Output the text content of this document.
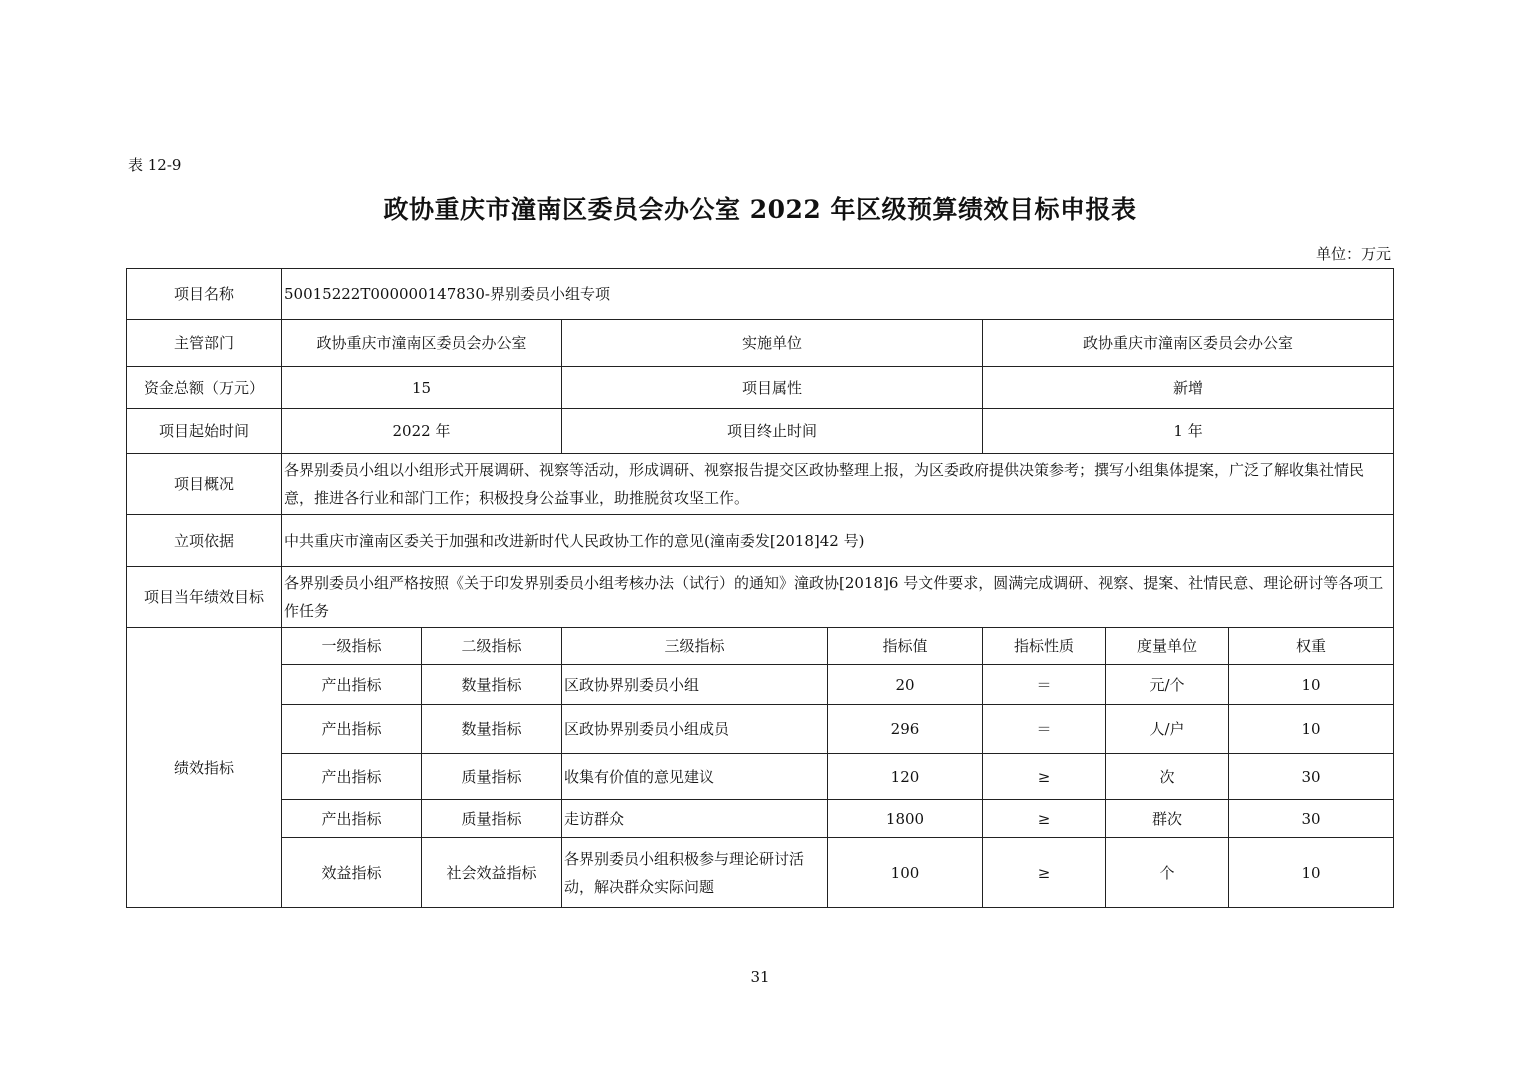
表 12-9
政协重庆市潼南区委员会办公室 2022 年区级预算绩效目标申报表
单位：万元
项目名称	50015222T000000147830-界别委员小组专项						
主管部门	政协重庆市潼南区委员会办公室		实施单位		政协重庆市潼南区委员会办公室		
资金总额（万元）	15		项目属性		新增		
项目起始时间	2022 年		项目终止时间		1 年		
项目概况	各界别委员小组以小组形式开展调研、视察等活动，形成调研、视察报告提交区政协整理上报，为区委政府提供决策参考；撰写小组集体提案，广泛了解收集社情民意，推进各行业和部门工作；积极投身公益事业，助推脱贫攻坚工作。						
立项依据	中共重庆市潼南区委关于加强和改进新时代人民政协工作的意见(潼南委发[2018]42 号)						
项目当年绩效目标	各界别委员小组严格按照《关于印发界别委员小组考核办法（试行）的通知》潼政协[2018]6 号文件要求，圆满完成调研、视察、提案、社情民意、理论研讨等各项工作任务						
绩效指标	一级指标	二级指标	三级指标	指标值	指标性质	度量单位	权重
	产出指标	数量指标	区政协界别委员小组	20	＝	元/个	10
	产出指标	数量指标	区政协界别委员小组成员	296	＝	人/户	10
	产出指标	质量指标	收集有价值的意见建议	120	≥	次	30
	产出指标	质量指标	走访群众	1800	≥	群次	30
	效益指标	社会效益指标	各界别委员小组积极参与理论研讨活动，解决群众实际问题	100	≥	个	10
31
